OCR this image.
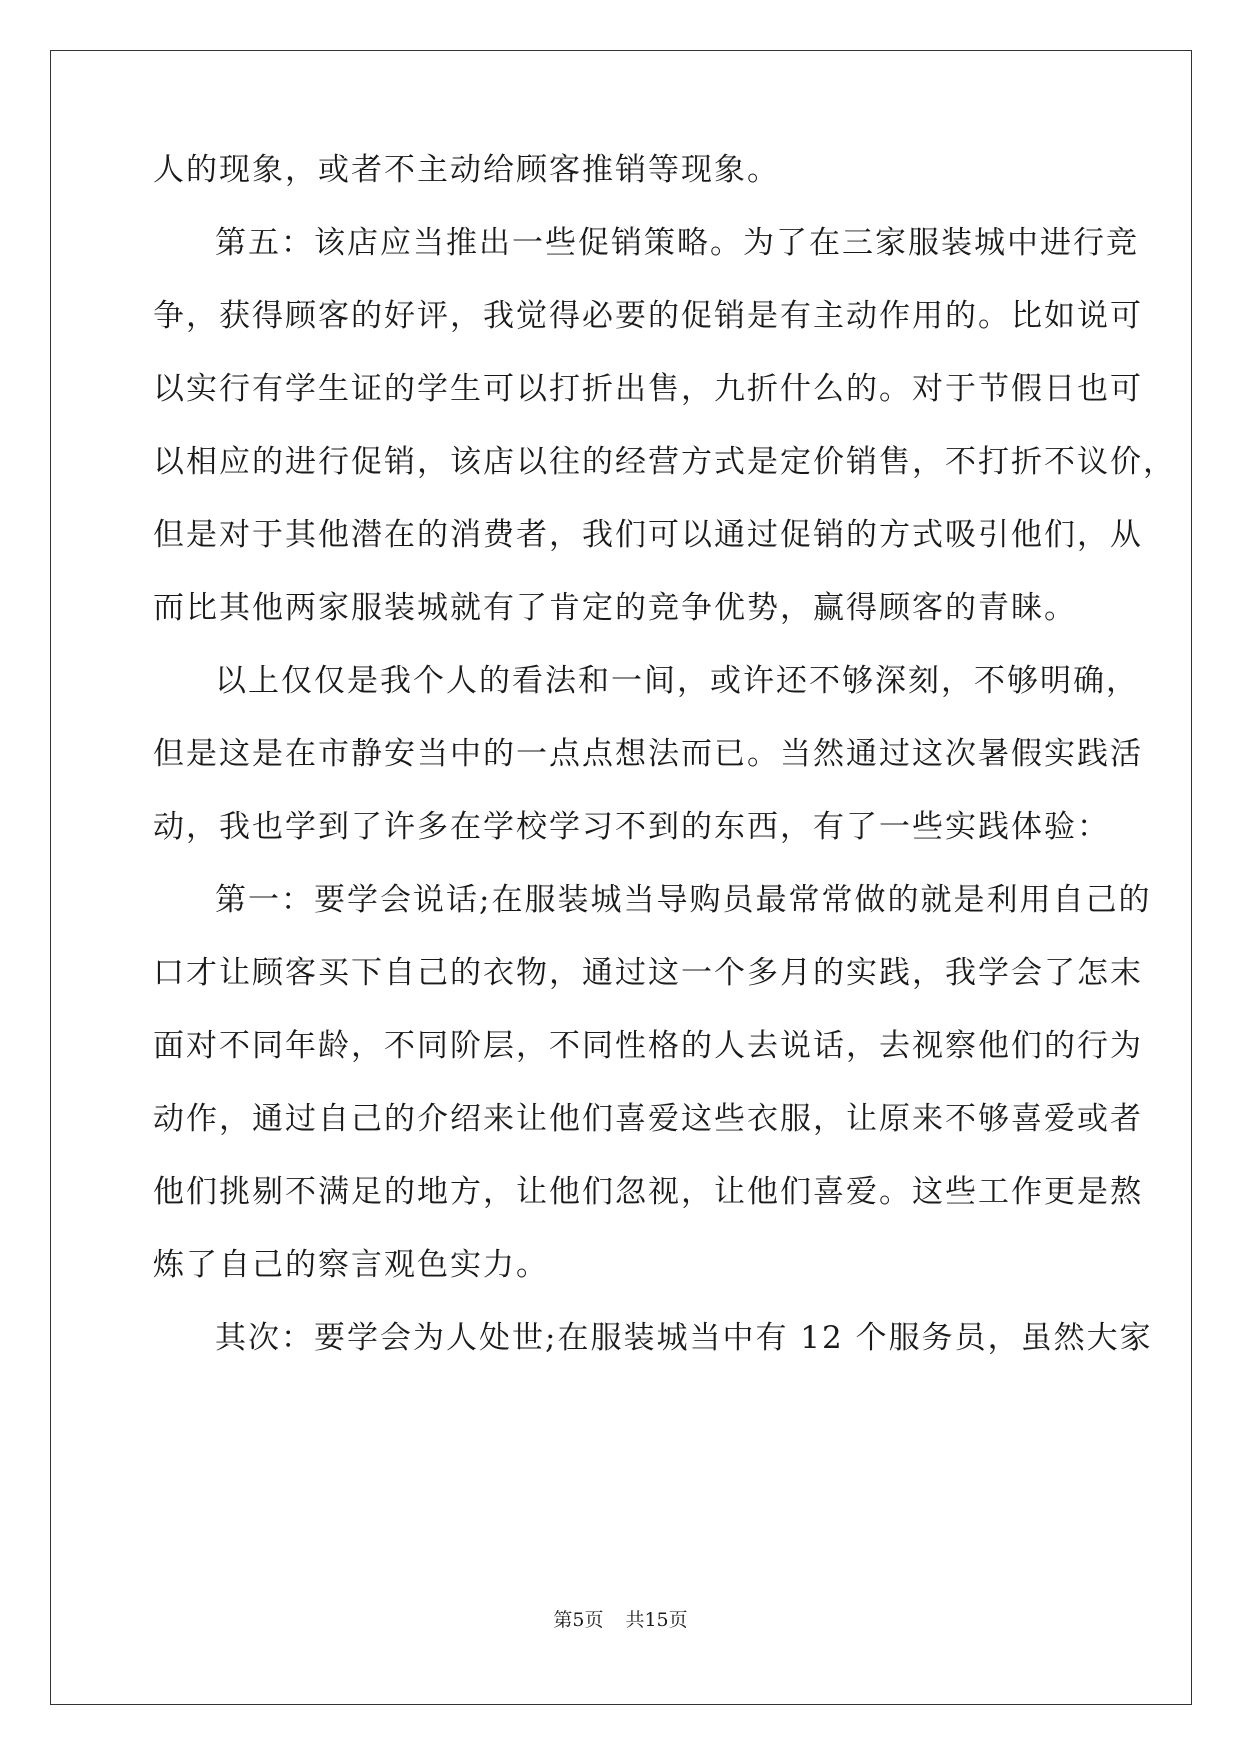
人的现象，或者不主动给顾客推销等现象。
第五：该店应当推出一些促销策略。为了在三家服装城中进行竞
争，获得顾客的好评，我觉得必要的促销是有主动作用的。比如说可
以实行有学生证的学生可以打折出售，九折什么的。对于节假日也可
以相应的进行促销，该店以往的经营方式是定价销售，不打折不议价，
但是对于其他潜在的消费者，我们可以通过促销的方式吸引他们，从
而比其他两家服装城就有了肯定的竞争优势，赢得顾客的青睐。
以上仅仅是我个人的看法和一间，或许还不够深刻，不够明确，
但是这是在市静安当中的一点点想法而已。当然通过这次暑假实践活
动，我也学到了许多在学校学习不到的东西，有了一些实践体验：
第一：要学会说话;在服装城当导购员最常常做的就是利用自己的
口才让顾客买下自己的衣物，通过这一个多月的实践，我学会了怎末
面对不同年龄，不同阶层，不同性格的人去说话，去视察他们的行为
动作，通过自己的介绍来让他们喜爱这些衣服，让原来不够喜爱或者
他们挑剔不满足的地方，让他们忽视，让他们喜爱。这些工作更是熬
炼了自己的察言观色实力。
其次：要学会为人处世;在服装城当中有 12 个服务员，虽然大家
第5页 共15页
